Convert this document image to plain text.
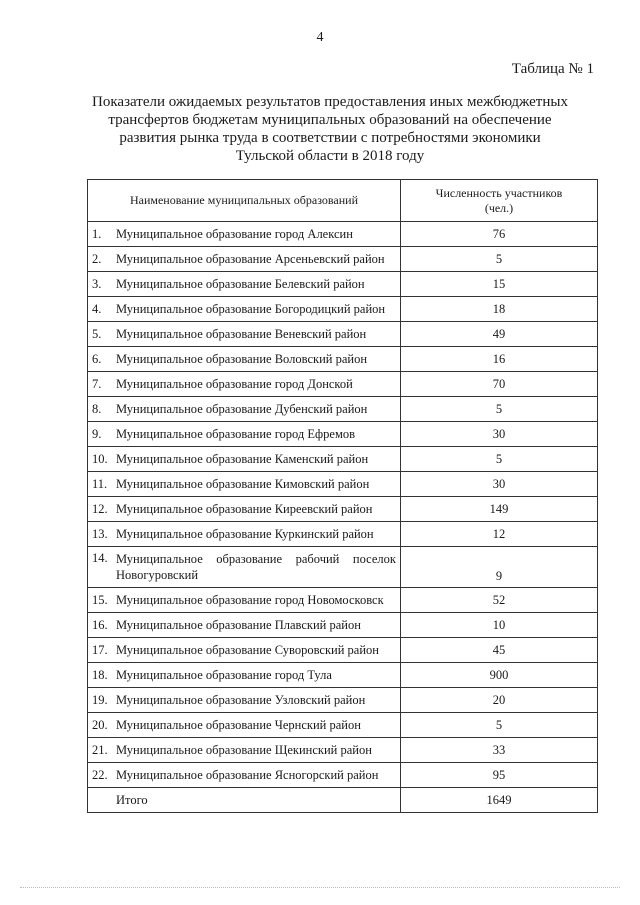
4
Таблица № 1
Показатели ожидаемых результатов предоставления иных межбюджетных
трансфертов бюджетам муниципальных образований на обеспечение
развития рынка труда в соответствии с потребностями экономики
Тульской области в 2018 году
Наименование муниципальных образований	Численность участников
(чел.)

1. Муниципальное образование город Алексин	76

2. Муниципальное образование Арсеньевский район	5

3. Муниципальное образование Белевский район	15

4. Муниципальное образование Богородицкий район	18

5. Муниципальное образование Веневский район	49

6. Муниципальное образование Воловский район	16

7. Муниципальное образование город Донской	70

8. Муниципальное образование Дубенский район	5

9. Муниципальное образование город Ефремов	30

10. Муниципальное образование Каменский район	5

11. Муниципальное образование Кимовский район	30

12. Муниципальное образование Киреевский район	149

13. Муниципальное образование Куркинский район	12

14. Муниципальное образование рабочий поселок Новогуровский	9

15. Муниципальное образование город Новомосковск	52

16. Муниципальное образование Плавский район	10

17. Муниципальное образование Суворовский район	45

18. Муниципальное образование город Тула	900

19. Муниципальное образование Узловский район	20

20. Муниципальное образование Чернский район	5

21. Муниципальное образование Щекинский район	33

22. Муниципальное образование Ясногорский район	95

Итого	1649
